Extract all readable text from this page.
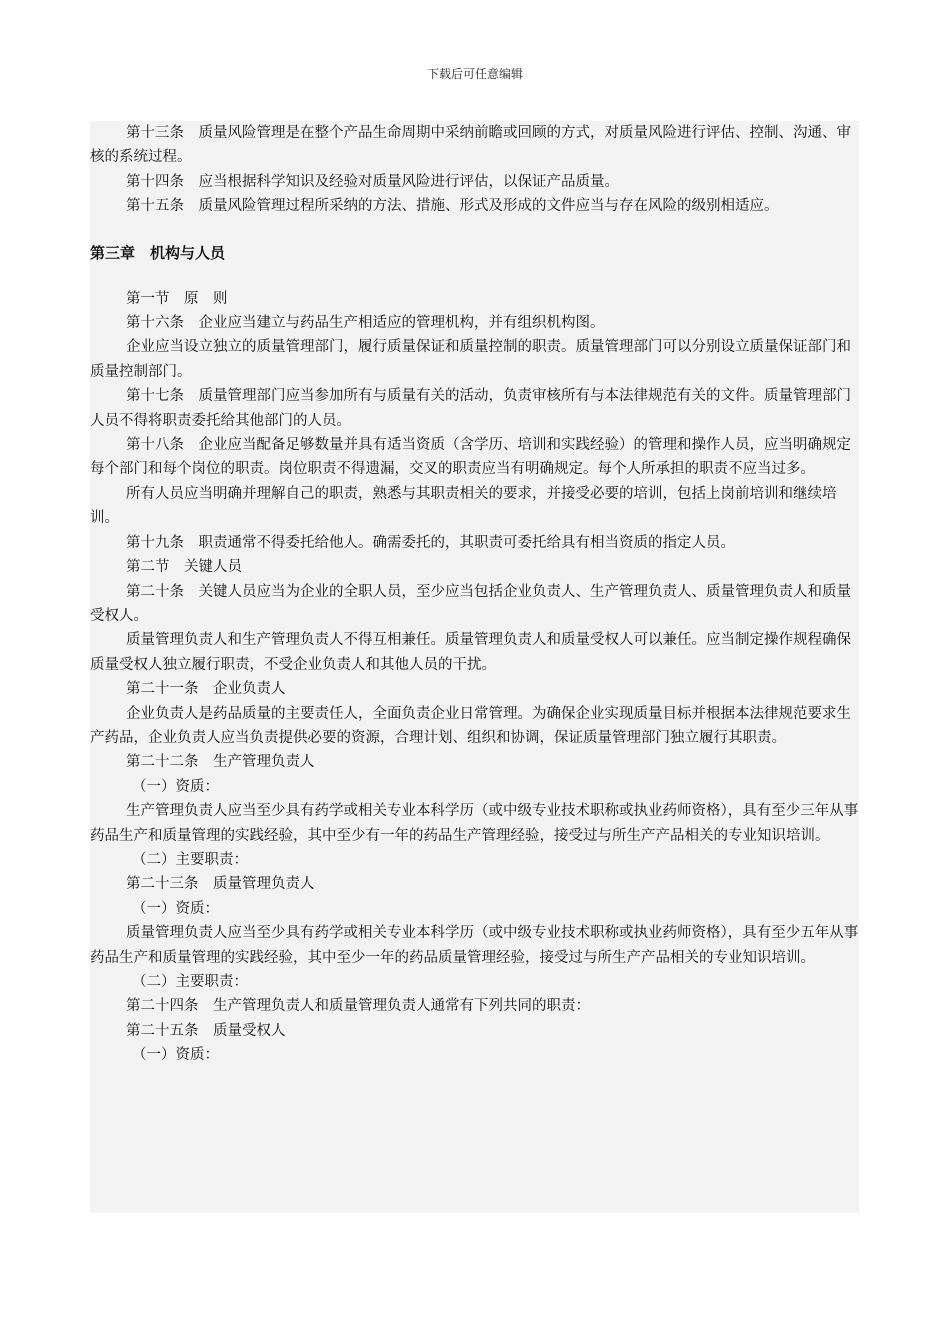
下载后可任意编辑

第十三条　质量风险管理是在整个产品生命周期中采纳前瞻或回顾的方式，对质量风险进行评估、控制、沟通、审核的系统过程。

第十四条　应当根据科学知识及经验对质量风险进行评估，以保证产品质量。

第十五条　质量风险管理过程所采纳的方法、措施、形式及形成的文件应当与存在风险的级别相适应。

第三章　机构与人员

第一节　原　则

第十六条　企业应当建立与药品生产相适应的管理机构，并有组织机构图。

企业应当设立独立的质量管理部门，履行质量保证和质量控制的职责。质量管理部门可以分别设立质量保证部门和质量控制部门。

第十七条　质量管理部门应当参加所有与质量有关的活动，负责审核所有与本法律规范有关的文件。质量管理部门人员不得将职责委托给其他部门的人员。

第十八条　企业应当配备足够数量并具有适当资质（含学历、培训和实践经验）的管理和操作人员，应当明确规定每个部门和每个岗位的职责。岗位职责不得遗漏，交叉的职责应当有明确规定。每个人所承担的职责不应当过多。

所有人员应当明确并理解自己的职责，熟悉与其职责相关的要求，并接受必要的培训，包括上岗前培训和继续培训。

第十九条　职责通常不得委托给他人。确需委托的，其职责可委托给具有相当资质的指定人员。

第二节　关键人员

第二十条　关键人员应当为企业的全职人员，至少应当包括企业负责人、生产管理负责人、质量管理负责人和质量受权人。

质量管理负责人和生产管理负责人不得互相兼任。质量管理负责人和质量受权人可以兼任。应当制定操作规程确保质量受权人独立履行职责，不受企业负责人和其他人员的干扰。

第二十一条　企业负责人

企业负责人是药品质量的主要责任人，全面负责企业日常管理。为确保企业实现质量目标并根据本法律规范要求生产药品，企业负责人应当负责提供必要的资源，合理计划、组织和协调，保证质量管理部门独立履行其职责。

第二十二条　生产管理负责人

（一）资质：

生产管理负责人应当至少具有药学或相关专业本科学历（或中级专业技术职称或执业药师资格），具有至少三年从事药品生产和质量管理的实践经验，其中至少有一年的药品生产管理经验，接受过与所生产产品相关的专业知识培训。

（二）主要职责：

第二十三条　质量管理负责人

（一）资质：

质量管理负责人应当至少具有药学或相关专业本科学历（或中级专业技术职称或执业药师资格），具有至少五年从事药品生产和质量管理的实践经验，其中至少一年的药品质量管理经验，接受过与所生产产品相关的专业知识培训。

（二）主要职责：

第二十四条　生产管理负责人和质量管理负责人通常有下列共同的职责：

第二十五条　质量受权人

（一）资质：
